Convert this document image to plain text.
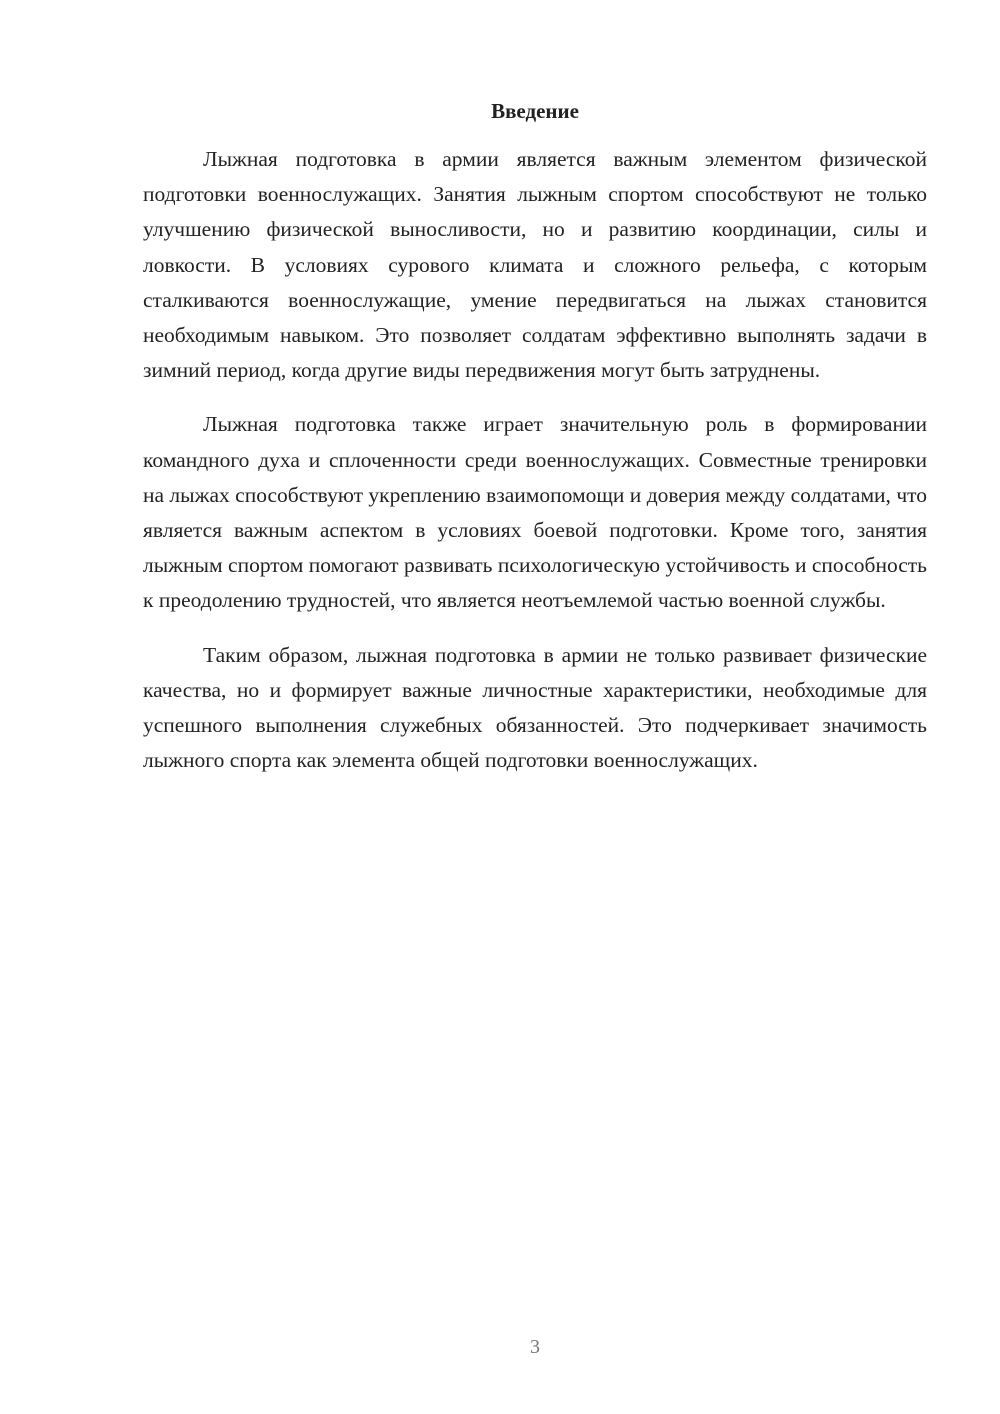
Введение

Лыжная подготовка в армии является важным элементом физической подготовки военнослужащих. Занятия лыжным спортом способствуют не только улучшению физической выносливости, но и развитию координации, силы и ловкости. В условиях сурового климата и сложного рельефа, с которым сталкиваются военнослужащие, умение передвигаться на лыжах становится необходимым навыком. Это позволяет солдатам эффективно выполнять задачи в зимний период, когда другие виды передвижения могут быть затруднены.

Лыжная подготовка также играет значительную роль в формировании командного духа и сплоченности среди военнослужащих. Совместные тренировки на лыжах способствуют укреплению взаимопомощи и доверия между солдатами, что является важным аспектом в условиях боевой подготовки. Кроме того, занятия лыжным спортом помогают развивать психологическую устойчивость и способность к преодолению трудностей, что является неотъемлемой частью военной службы.

Таким образом, лыжная подготовка в армии не только развивает физические качества, но и формирует важные личностные характеристики, необходимые для успешного выполнения служебных обязанностей. Это подчеркивает значимость лыжного спорта как элемента общей подготовки военнослужащих.

3
